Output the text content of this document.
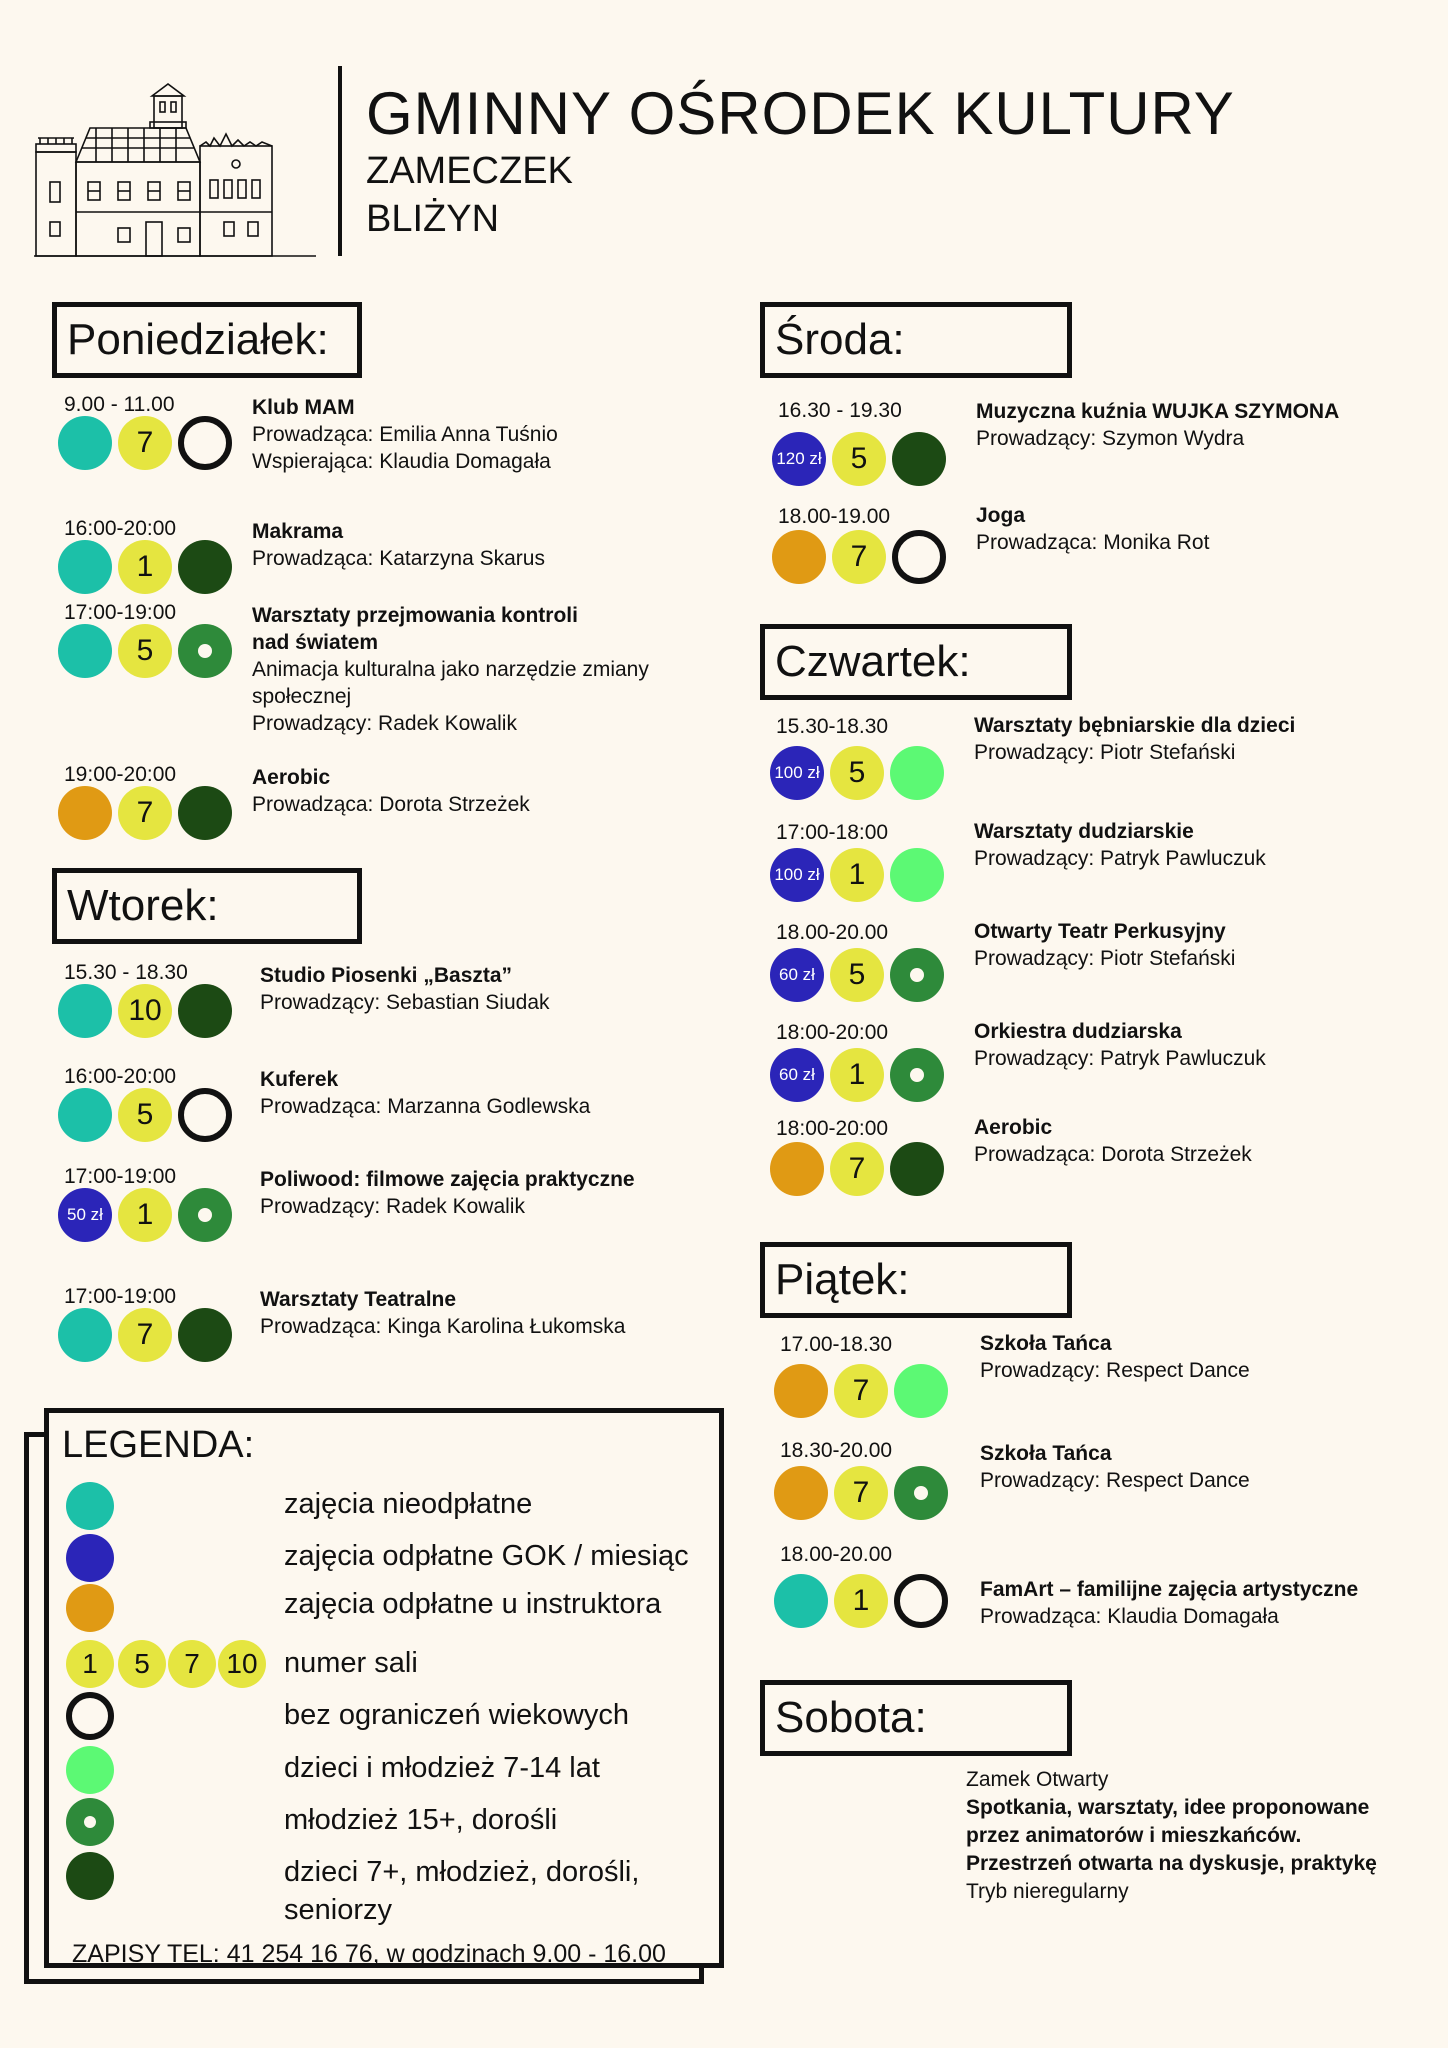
GMINNY OŚRODEK KULTURY
ZAMECZEK
BLIŻYN
Poniedziałek:
Wtorek:
Środa:
Czwartek:
Piątek:
Sobota:
9.00 - 11.00
7
Klub MAM
Prowadząca: Emilia Anna Tuśnio
Wspierająca: Klaudia Domagała
16:00-20:00
1
Makrama
Prowadząca: Katarzyna Skarus
17:00-19:00
5
Warsztaty przejmowania kontroli
nad światem
Animacja kulturalna jako narzędzie zmiany
społecznej
Prowadzący: Radek Kowalik
19:00-20:00
7
Aerobic
Prowadząca: Dorota Strzeżek
15.30 - 18.30
10
Studio Piosenki „Baszta”
Prowadzący: Sebastian Siudak
16:00-20:00
5
Kuferek
Prowadząca: Marzanna Godlewska
17:00-19:00
50 zł	1
Poliwood: filmowe zajęcia praktyczne
Prowadzący: Radek Kowalik
17:00-19:00
7
Warsztaty Teatralne
Prowadząca: Kinga Karolina Łukomska
16.30 - 19.30
120 zł 5
Muzyczna kuźnia WUJKA SZYMONA
Prowadzący: Szymon Wydra
18.00-19.00
7
Joga
Prowadząca: Monika Rot
15.30-18.30
100 zł 5
Warsztaty bębniarskie dla dzieci
Prowadzący: Piotr Stefański
17:00-18:00
100 zł 1
Warsztaty dudziarskie
Prowadzący: Patryk Pawluczuk
18.00-20.00
60 zł	5
Otwarty Teatr Perkusyjny
Prowadzący: Piotr Stefański
18:00-20:00
60 zł	1
Orkiestra dudziarska
Prowadzący: Patryk Pawluczuk
18:00-20:00
7
Aerobic
Prowadząca: Dorota Strzeżek
17.00-18.30
7
Szkoła Tańca
Prowadzący: Respect Dance
18.30-20.00
7
Szkoła Tańca
Prowadzący: Respect Dance
18.00-20.00
1	FamArt – familijne zajęcia artystyczne
Prowadząca: Klaudia Domagała
Zamek Otwarty
Spotkania, warsztaty, idee proponowane
przez animatorów i mieszkańców.
Przestrzeń otwarta na dyskusje, praktykę
Tryb nieregularny
LEGENDA:
zajęcia nieodpłatne
zajęcia odpłatne GOK / miesiąc
zajęcia odpłatne u instruktora
1	5	7 10 numer sali
bez ograniczeń wiekowych
dzieci i młodzież 7-14 lat
młodzież 15+, dorośli
dzieci 7+, młodzież, dorośli,
seniorzy
ZAPISY TEL: 41 254 16 76, w godzinach 9.00 - 16.00
